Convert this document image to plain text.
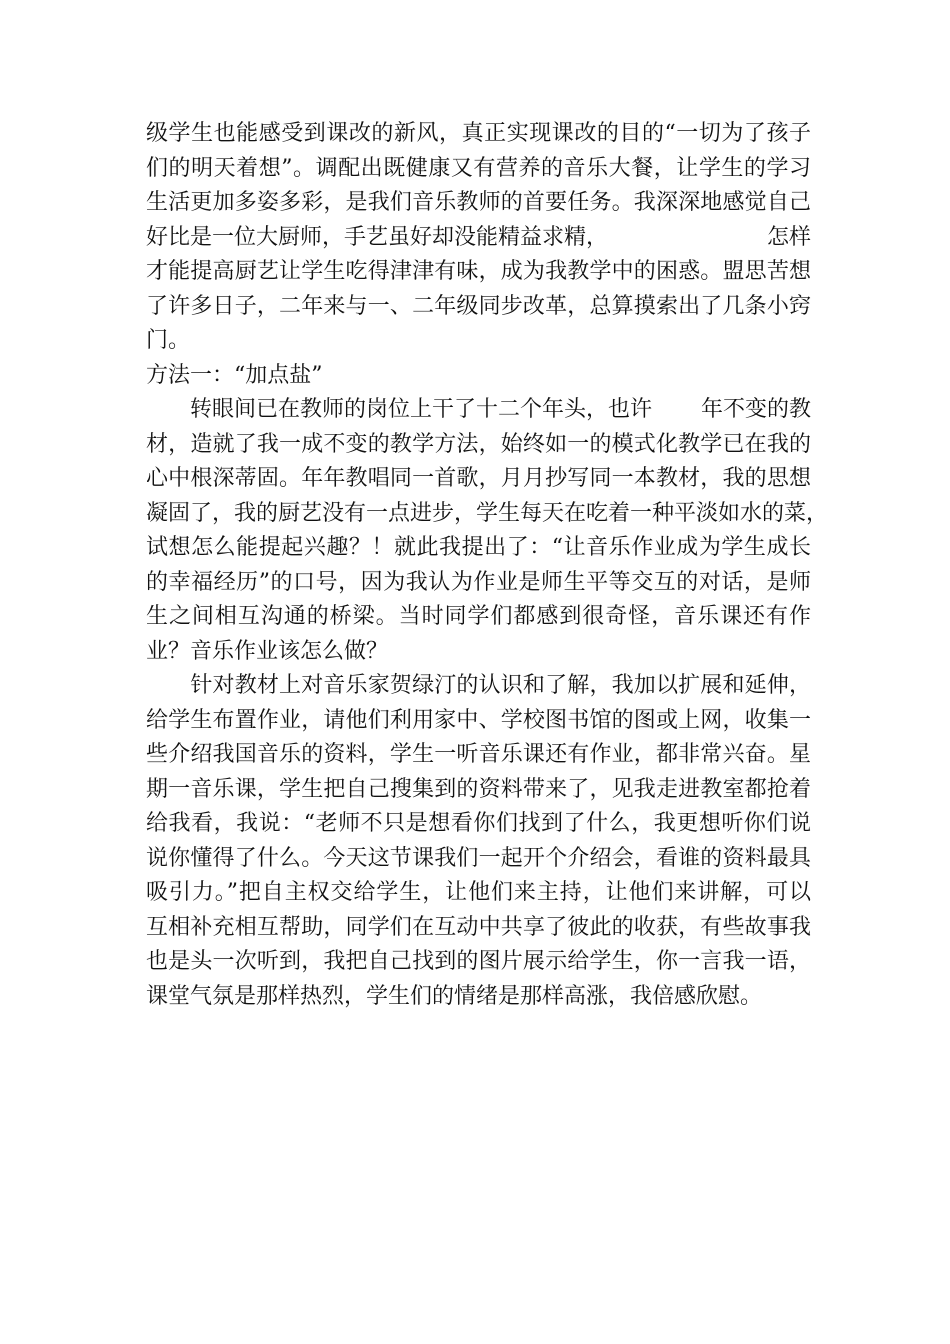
级学生也能感受到课改的新风，真正实现课改的目的“一切为了孩子
们的明天着想”。调配出既健康又有营养的音乐大餐，让学生的学习
生活更加多姿多彩，是我们音乐教师的首要任务。我深深地感觉自己
好比是一位大厨师，手艺虽好却没能精益求精，	怎样
才能提高厨艺让学生吃得津津有味，成为我教学中的困惑。盟思苦想
了许多日子，二年来与一、二年级同步改革，总算摸索出了几条小窍
门。
方法一：“加点盐”
　　转眼间已在教师的岗位上干了十二个年头，也许 年不变的教
材，造就了我一成不变的教学方法，始终如一的模式化教学已在我的
心中根深蒂固。年年教唱同一首歌，月月抄写同一本教材，我的思想
凝固了，我的厨艺没有一点进步，学生每天在吃着一种平淡如水的菜，
试想怎么能提起兴趣？！就此我提出了：“让音乐作业成为学生成长
的幸福经历”的口号，因为我认为作业是师生平等交互的对话，是师
生之间相互沟通的桥梁。当时同学们都感到很奇怪，音乐课还有作
业？音乐作业该怎么做？
　　针对教材上对音乐家贺绿汀的认识和了解，我加以扩展和延伸，
给学生布置作业，请他们利用家中、学校图书馆的图或上网，收集一
些介绍我国音乐的资料，学生一听音乐课还有作业，都非常兴奋。星
期一音乐课，学生把自己搜集到的资料带来了，见我走进教室都抢着
给我看，我说：“老师不只是想看你们找到了什么，我更想听你们说
说你懂得了什么。今天这节课我们一起开个介绍会，看谁的资料最具
吸引力。”把自主权交给学生，让他们来主持，让他们来讲解，可以
互相补充相互帮助，同学们在互动中共享了彼此的收获，有些故事我
也是头一次听到，我把自己找到的图片展示给学生，你一言我一语，
课堂气氛是那样热烈，学生们的情绪是那样高涨，我倍感欣慰。
